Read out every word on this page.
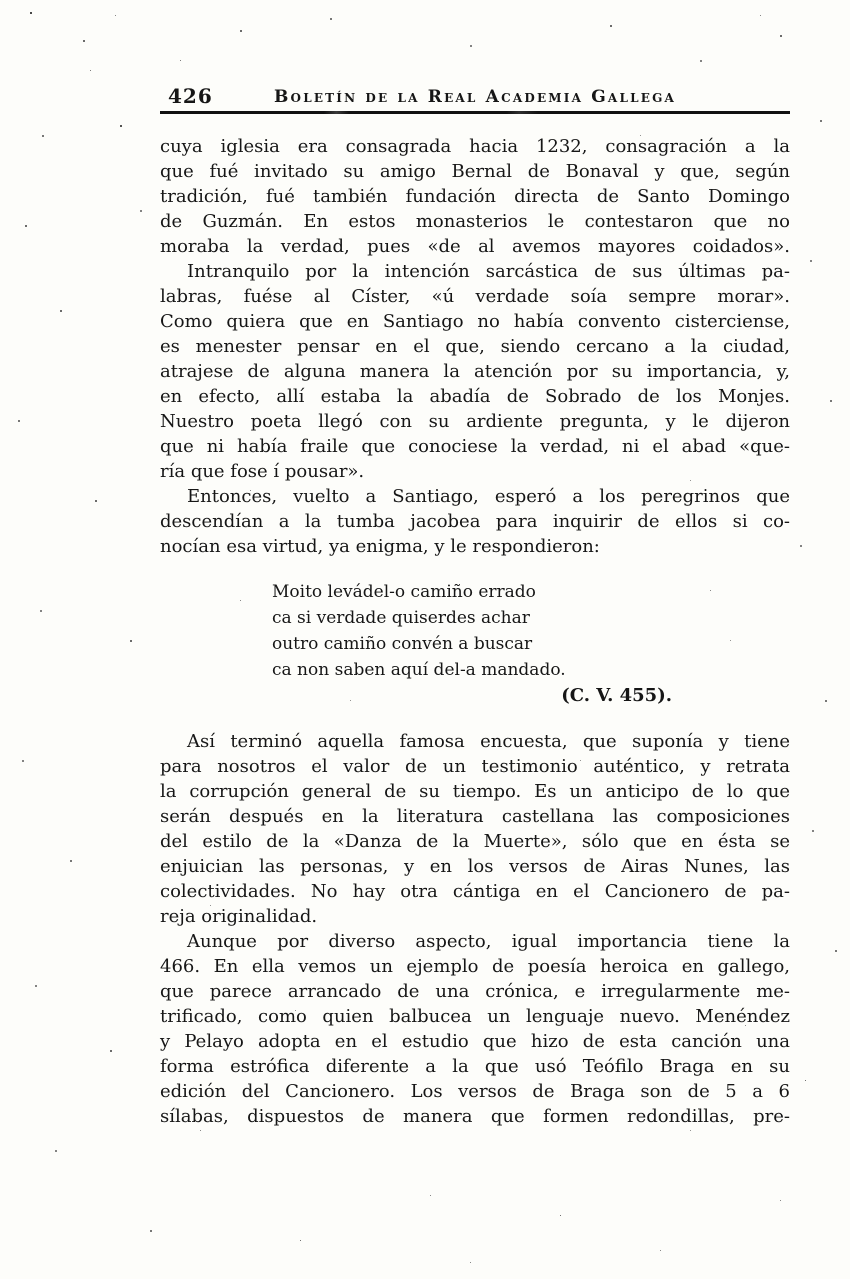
426	Boletín de la Real Academia Gallega

cuya iglesia era consagrada hacia 1232, consagración a la
que fué invitado su amigo Bernal de Bonaval y que, según
tradición, fué también fundación directa de Santo Domingo
de Guzmán. En estos monasterios le contestaron que no
moraba la verdad, pues «de al avemos mayores coidados».

Intranquilo por la intención sarcástica de sus últimas pa-
labras, fuése al Císter, «ú verdade soía sempre morar».
Como quiera que en Santiago no había convento cisterciense,
es menester pensar en el que, siendo cercano a la ciudad,
atrajese de alguna manera la atención por su importancia, y,
en efecto, allí estaba la abadía de Sobrado de los Monjes.
Nuestro poeta llegó con su ardiente pregunta, y le dijeron
que ni había fraile que conociese la verdad, ni el abad «que-
ría que fose í pousar».

Entonces, vuelto a Santiago, esperó a los peregrinos que
descendían a la tumba jacobea para inquirir de ellos si co-
nocían esa virtud, ya enigma, y le respondieron:

Moito levádel-o camiño errado
ca si verdade quiserdes achar
outro camiño convén a buscar
ca non saben aquí del-a mandado.
(C. V. 455).

Así terminó aquella famosa encuesta, que suponía y tiene
para nosotros el valor de un testimonio auténtico, y retrata
la corrupción general de su tiempo. Es un anticipo de lo que
serán después en la literatura castellana las composiciones
del estilo de la «Danza de la Muerte», sólo que en ésta se
enjuician las personas, y en los versos de Airas Nunes, las
colectividades. No hay otra cántiga en el Cancionero de pa-
reja originalidad.

Aunque por diverso aspecto, igual importancia tiene la
466. En ella vemos un ejemplo de poesía heroica en gallego,
que parece arrancado de una crónica, e irregularmente me-
trificado, como quien balbucea un lenguaje nuevo. Menéndez
y Pelayo adopta en el estudio que hizo de esta canción una
forma estrófica diferente a la que usó Teófilo Braga en su
edición del Cancionero. Los versos de Braga son de 5 a 6
sílabas, dispuestos de manera que formen redondillas, pre-
